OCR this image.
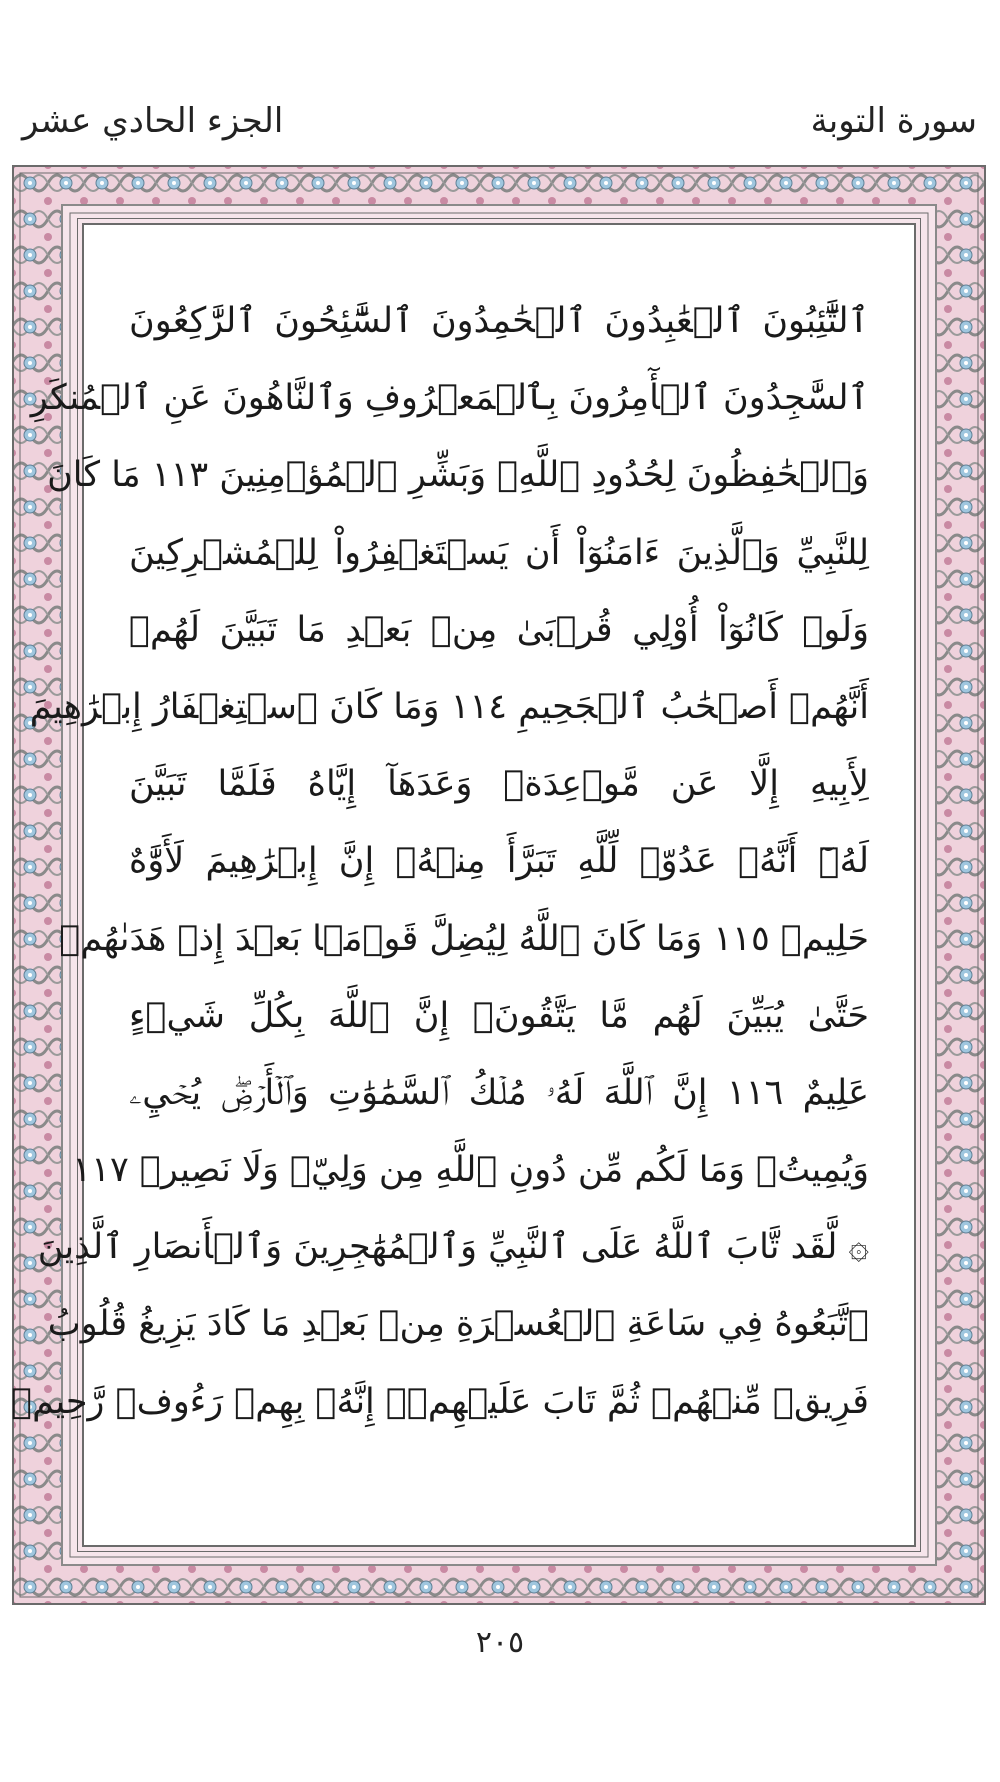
سورة التوبة
الجزء الحادي عشر
ٱلتَّٰٓئِبُونَ ٱلۡعَٰبِدُونَ ٱلۡحَٰمِدُونَ ٱلسَّٰٓئِحُونَ ٱلرَّٰكِعُونَ
ٱلسَّٰجِدُونَ ٱلۡأٓمِرُونَ بِٱلۡمَعۡرُوفِ وَٱلنَّاهُونَ عَنِ ٱلۡمُنكَرِ
وَٱلۡحَٰفِظُونَ لِحُدُودِ ٱللَّهِۗ وَبَشِّرِ ٱلۡمُؤۡمِنِينَ ١١٣ مَا كَانَ
لِلنَّبِيِّ وَٱلَّذِينَ ءَامَنُوٓاْ أَن يَسۡتَغۡفِرُواْ لِلۡمُشۡرِكِينَ
وَلَوۡ كَانُوٓاْ أُوْلِي قُرۡبَىٰ مِنۢ بَعۡدِ مَا تَبَيَّنَ لَهُمۡ
أَنَّهُمۡ أَصۡحَٰبُ ٱلۡجَحِيمِ ١١٤ وَمَا كَانَ ٱسۡتِغۡفَارُ إِبۡرَٰهِيمَ
لِأَبِيهِ إِلَّا عَن مَّوۡعِدَةٖ وَعَدَهَآ إِيَّاهُ فَلَمَّا تَبَيَّنَ
لَهُۥٓ أَنَّهُۥ عَدُوّٞ لِّلَّهِ تَبَرَّأَ مِنۡهُۚ إِنَّ إِبۡرَٰهِيمَ لَأَوَّٰهٌ
حَلِيمٞ ١١٥ وَمَا كَانَ ٱللَّهُ لِيُضِلَّ قَوۡمَۢا بَعۡدَ إِذۡ هَدَىٰهُمۡ
حَتَّىٰ يُبَيِّنَ لَهُم مَّا يَتَّقُونَۚ إِنَّ ٱللَّهَ بِكُلِّ شَيۡءٍ
عَلِيمٌ ١١٦ إِنَّ ٱللَّهَ لَهُۥ مُلۡكُ ٱلسَّمَٰوَٰتِ وَٱلۡأَرۡضِۖ يُحۡيِۦ
وَيُمِيتُۚ وَمَا لَكُم مِّن دُونِ ٱللَّهِ مِن وَلِيّٖ وَلَا نَصِيرٖ ١١٧
۞ لَّقَد تَّابَ ٱللَّهُ عَلَى ٱلنَّبِيِّ وَٱلۡمُهَٰجِرِينَ وَٱلۡأَنصَارِ ٱلَّذِينَ
ٱتَّبَعُوهُ فِي سَاعَةِ ٱلۡعُسۡرَةِ مِنۢ بَعۡدِ مَا كَادَ يَزِيغُ قُلُوبُ
فَرِيقٖ مِّنۡهُمۡ ثُمَّ تَابَ عَلَيۡهِمۡۚ إِنَّهُۥ بِهِمۡ رَءُوفٞ رَّحِيمٞ
٢٠٥
